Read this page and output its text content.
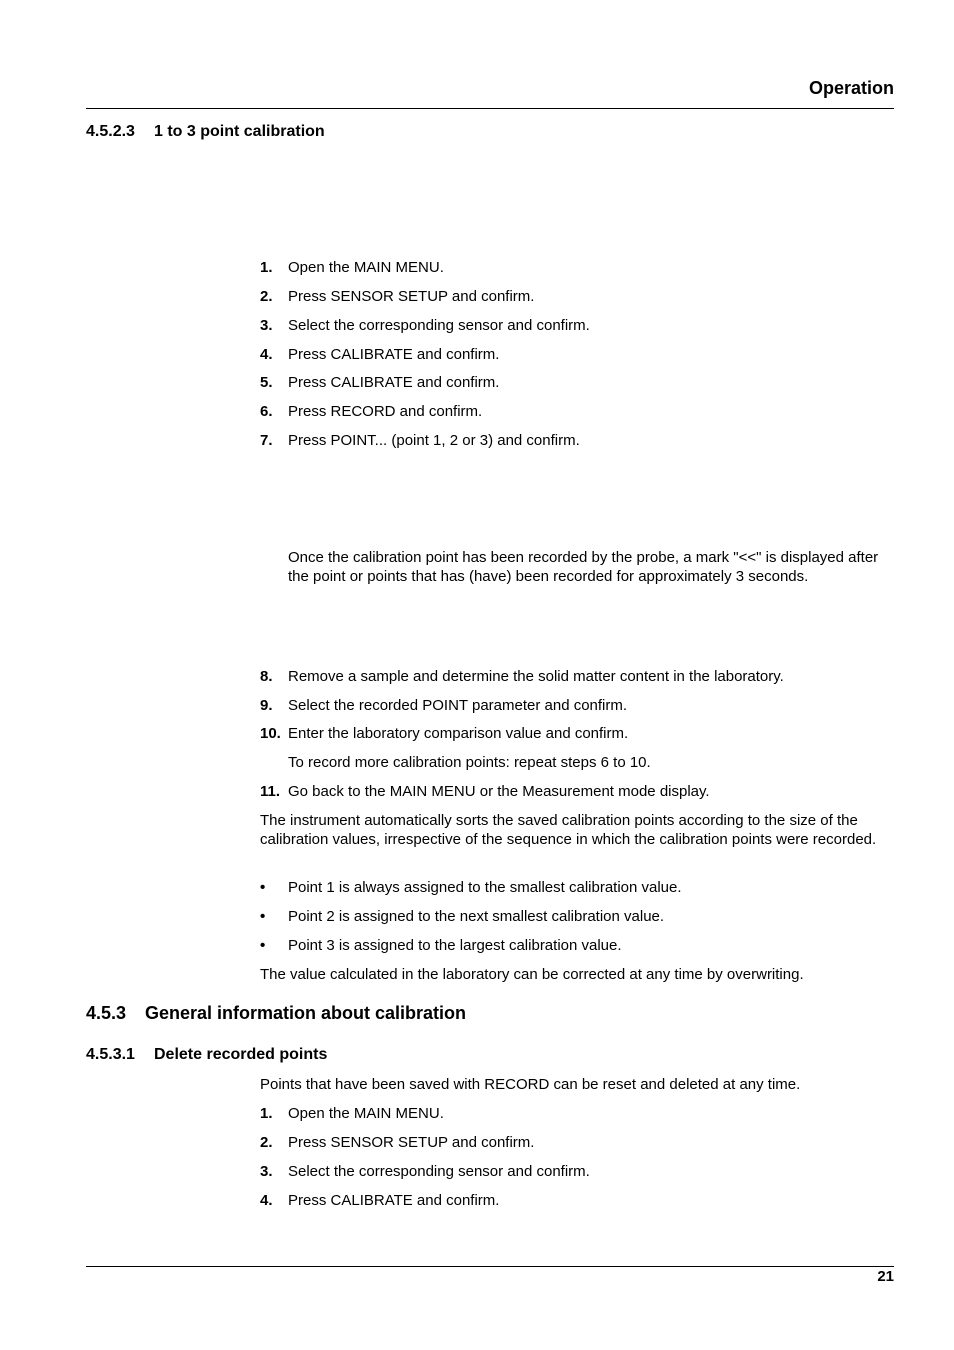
Operation
4.5.2.3 1 to 3 point calibration
1. Open the MAIN MENU.
2. Press SENSOR SETUP and confirm.
3. Select the corresponding sensor and confirm.
4. Press CALIBRATE and confirm.
5. Press CALIBRATE and confirm.
6. Press RECORD and confirm.
7. Press POINT... (point 1, 2 or 3) and confirm.
Once the calibration point has been recorded by the probe, a mark "<<" is displayed after the point or points that has (have) been recorded for approximately 3 seconds.
8. Remove a sample and determine the solid matter content in the laboratory.
9. Select the recorded POINT parameter and confirm.
10. Enter the laboratory comparison value and confirm.
To record more calibration points: repeat steps 6 to 10.
11. Go back to the MAIN MENU or the Measurement mode display.
The instrument automatically sorts the saved calibration points according to the size of the calibration values, irrespective of the sequence in which the calibration points were recorded.
• Point 1 is always assigned to the smallest calibration value.
• Point 2 is assigned to the next smallest calibration value.
• Point 3 is assigned to the largest calibration value.
The value calculated in the laboratory can be corrected at any time by overwriting.
4.5.3 General information about calibration
4.5.3.1 Delete recorded points
Points that have been saved with RECORD can be reset and deleted at any time.
1. Open the MAIN MENU.
2. Press SENSOR SETUP and confirm.
3. Select the corresponding sensor and confirm.
4. Press CALIBRATE and confirm.
21
